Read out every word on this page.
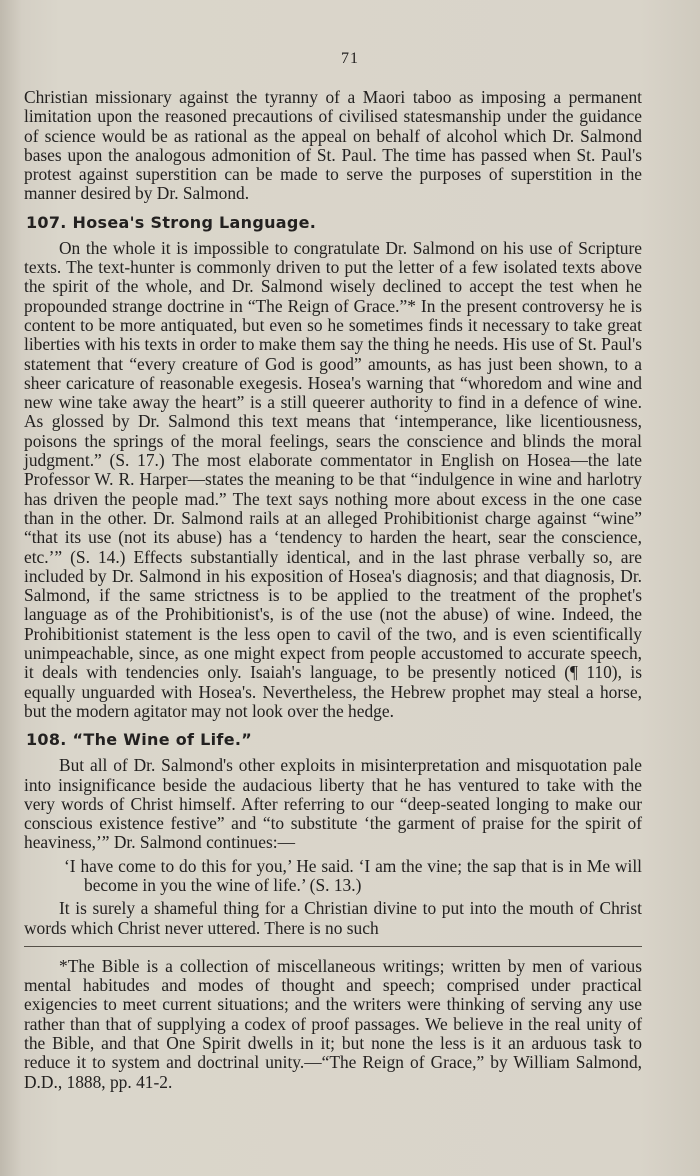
71

Christian missionary against the tyranny of a Maori taboo as imposing a permanent limitation upon the reasoned precautions of civilised statesmanship under the guidance of science would be as rational as the appeal on behalf of alcohol which Dr. Salmond bases upon the analogous admonition of St. Paul. The time has passed when St. Paul's protest against superstition can be made to serve the purposes of superstition in the manner desired by Dr. Salmond.

107. Hosea's Strong Language.

On the whole it is impossible to congratulate Dr. Salmond on his use of Scripture texts. The text-hunter is commonly driven to put the letter of a few isolated texts above the spirit of the whole, and Dr. Salmond wisely declined to accept the test when he propounded strange doctrine in “The Reign of Grace.”* In the present controversy he is content to be more antiquated, but even so he sometimes finds it necessary to take great liberties with his texts in order to make them say the thing he needs. His use of St. Paul's statement that “every creature of God is good” amounts, as has just been shown, to a sheer caricature of reasonable exegesis. Hosea's warning that “whoredom and wine and new wine take away the heart” is a still queerer authority to find in a defence of wine. As glossed by Dr. Salmond this text means that ‘intemperance, like licentiousness, poisons the springs of the moral feelings, sears the conscience and blinds the moral judgment.” (S. 17.) The most elaborate commentator in English on Hosea—the late Professor W. R. Harper—states the meaning to be that “indulgence in wine and harlotry has driven the people mad.” The text says nothing more about excess in the one case than in the other. Dr. Salmond rails at an alleged Prohibitionist charge against “wine” “that its use (not its abuse) has a ‘tendency to harden the heart, sear the conscience, etc.’” (S. 14.) Effects substantially identical, and in the last phrase verbally so, are included by Dr. Salmond in his exposition of Hosea's diagnosis; and that diagnosis, Dr. Salmond, if the same strictness is to be applied to the treatment of the prophet's language as of the Prohibitionist's, is of the use (not the abuse) of wine. Indeed, the Prohibitionist statement is the less open to cavil of the two, and is even scientifically unimpeachable, since, as one might expect from people accustomed to accurate speech, it deals with tendencies only. Isaiah's language, to be presently noticed (¶ 110), is equally unguarded with Hosea's. Nevertheless, the Hebrew prophet may steal a horse, but the modern agitator may not look over the hedge.

108. “The Wine of Life.”

But all of Dr. Salmond's other exploits in misinterpretation and misquotation pale into insignificance beside the audacious liberty that he has ventured to take with the very words of Christ himself. After referring to our “deep-seated longing to make our conscious existence festive” and “to substitute ‘the garment of praise for the spirit of heaviness,’” Dr. Salmond continues:—

‘I have come to do this for you,’ He said. ‘I am the vine; the sap that is in Me will become in you the wine of life.’ (S. 13.)

It is surely a shameful thing for a Christian divine to put into the mouth of Christ words which Christ never uttered. There is no such

*The Bible is a collection of miscellaneous writings; written by men of various mental habitudes and modes of thought and speech; comprised under practical exigencies to meet current situations; and the writers were thinking of serving any use rather than that of supplying a codex of proof passages. We believe in the real unity of the Bible, and that One Spirit dwells in it; but none the less is it an arduous task to reduce it to system and doctrinal unity.—“The Reign of Grace,” by William Salmond, D.D., 1888, pp. 41-2.
